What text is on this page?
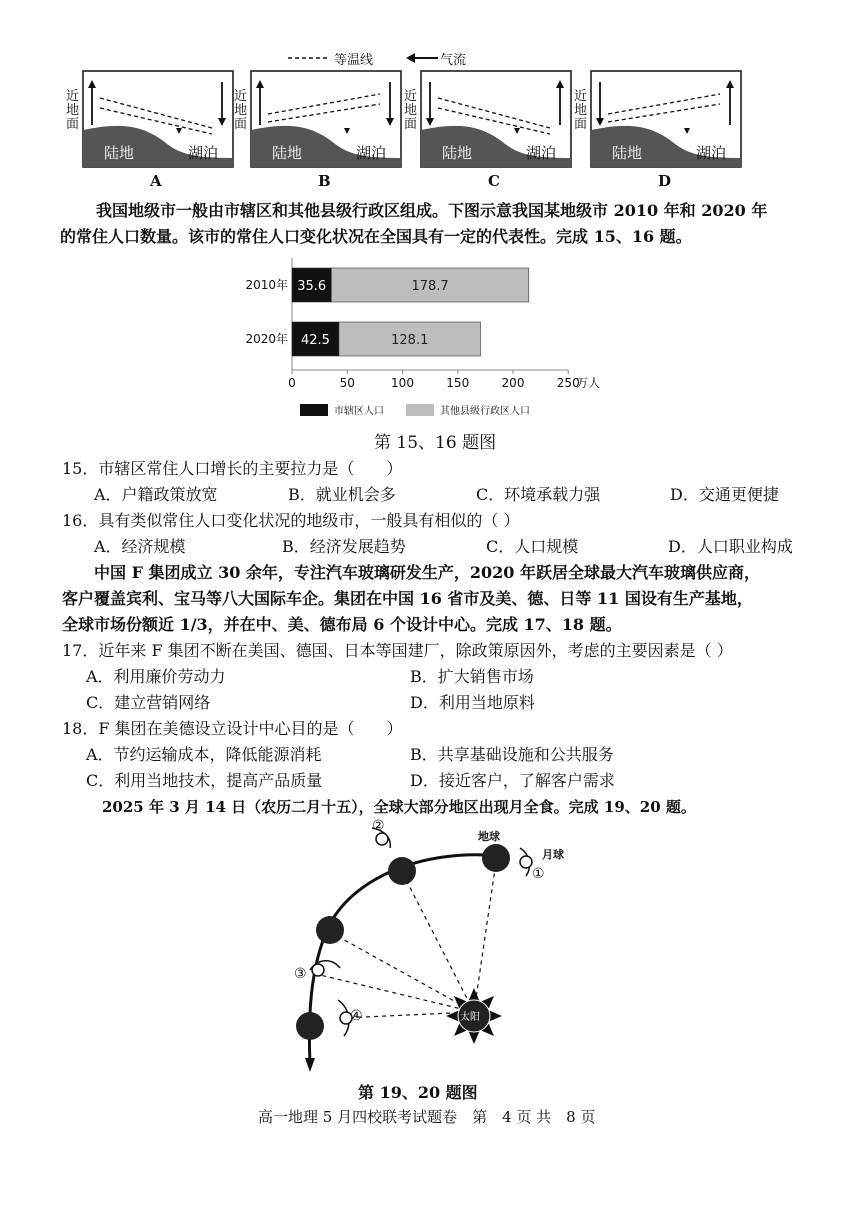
等温线	气流
近地面
陆地	湖泊
A
近地面
陆地	湖泊
B
近地面
陆地	湖泊
C
近地面
陆地	湖泊
D
我国地级市一般由市辖区和其他县级行政区组成。下图示意我国某地级市 2010 年和 2020 年
的常住人口数量。该市的常住人口变化状况在全国具有一定的代表性。完成 15、16 题。
2010年 35.6	178.7
2020年 42.5	128.1
0	50	100	150	200	250
万人
市辖区人口	其他县级行政区人口
第 15、16 题图
15．市辖区常住人口增长的主要拉力是（　　）
A．户籍政策放宽	B．就业机会多	C．环境承载力强	D．交通更便捷
16．具有类似常住人口变化状况的地级市，一般具有相似的（ ）
A．经济规模	B．经济发展趋势	C．人口规模	D．人口职业构成
中国 F 集团成立 30 余年，专注汽车玻璃研发生产，2020 年跃居全球最大汽车玻璃供应商，
客户覆盖宾利、宝马等八大国际车企。集团在中国 16 省市及美、德、日等 11 国设有生产基地，
全球市场份额近 1/3，并在中、美、德布局 6 个设计中心。完成 17、18 题。
17．近年来 F 集团不断在美国、德国、日本等国建厂，除政策原因外，考虑的主要因素是（ ）
A．利用廉价劳动力	B．扩大销售市场
C．建立营销网络	D．利用当地原料
18．F 集团在美德设立设计中心目的是（　　）
A．节约运输成本，降低能源消耗	B．共享基础设施和公共服务
C．利用当地技术，提高产品质量	D．接近客户，了解客户需求
2025 年 3 月 14 日（农历二月十五），全球大部分地区出现月全食。完成 19、20 题。
地球
月球
太阳
①
②
③
④
第 19、20 题图
高一地理 5 月四校联考试题卷　第　4 页 共　8 页
